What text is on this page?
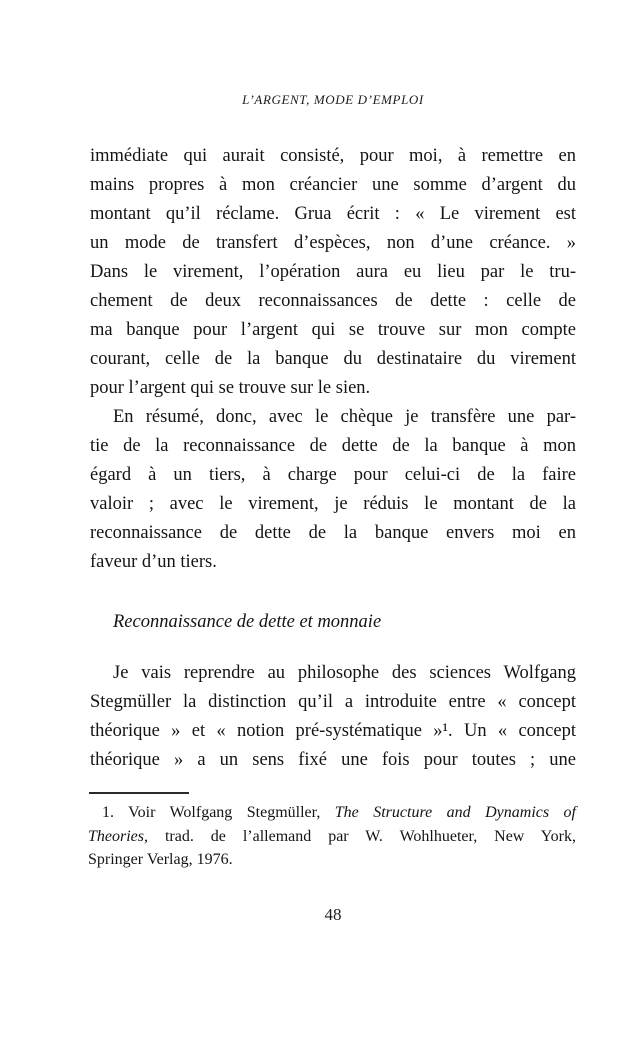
L’ARGENT, MODE D’EMPLOI
immédiate qui aurait consisté, pour moi, à remettre en
mains propres à mon créancier une somme d’argent du
montant qu’il réclame. Grua écrit : « Le virement est
un mode de transfert d’espèces, non d’une créance. »
Dans le virement, l’opération aura eu lieu par le tru-
chement de deux reconnaissances de dette : celle de
ma banque pour l’argent qui se trouve sur mon compte
courant, celle de la banque du destinataire du virement
pour l’argent qui se trouve sur le sien.
En résumé, donc, avec le chèque je transfère une par-
tie de la reconnaissance de dette de la banque à mon
égard à un tiers, à charge pour celui-ci de la faire
valoir ; avec le virement, je réduis le montant de la
reconnaissance de dette de la banque envers moi en
faveur d’un tiers.
Reconnaissance de dette et monnaie
Je vais reprendre au philosophe des sciences Wolfgang
Stegmüller la distinction qu’il a introduite entre « concept
théorique » et « notion pré-systématique »¹. Un « concept
théorique » a un sens fixé une fois pour toutes ; une
1. Voir Wolfgang Stegmüller, The Structure and Dynamics of
Theories, trad. de l’allemand par W. Wohlhueter, New York,
Springer Verlag, 1976.
48
